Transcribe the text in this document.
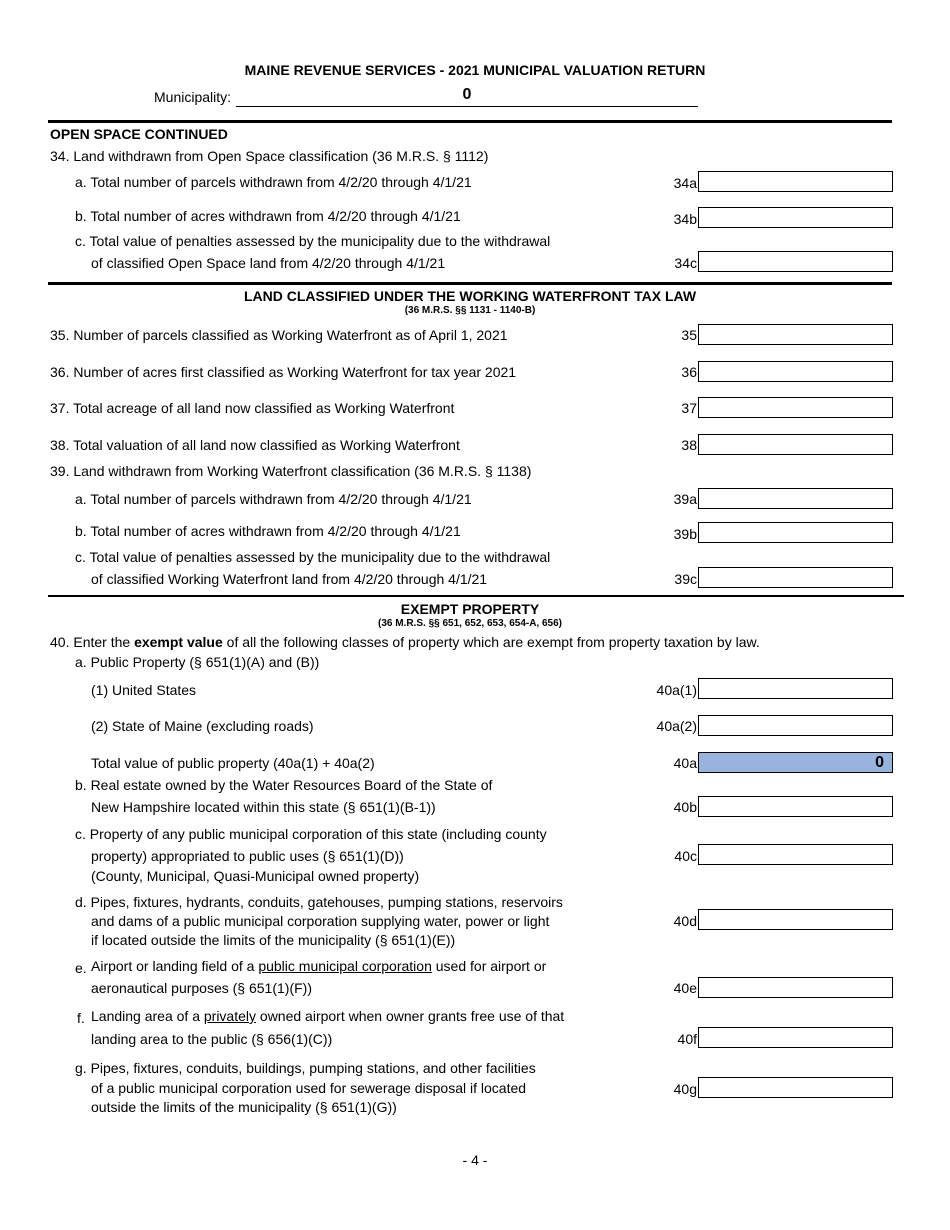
MAINE REVENUE SERVICES - 2021 MUNICIPAL VALUATION RETURN
Municipality:	0
OPEN SPACE CONTINUED
34. Land withdrawn from Open Space classification (36 M.R.S. § 1112)
a. Total number of parcels withdrawn from 4/2/20 through 4/1/21	34a
b. Total number of acres withdrawn from 4/2/20 through 4/1/21	34b
c. Total value of penalties assessed by the municipality due to the withdrawal
of classified Open Space land from 4/2/20 through 4/1/21	34c
LAND CLASSIFIED UNDER THE WORKING WATERFRONT TAX LAW
(36 M.R.S. §§ 1131 - 1140-B)
35. Number of parcels classified as Working Waterfront as of April 1, 2021	35
36. Number of acres first classified as Working Waterfront for tax year 2021	36
37. Total acreage of all land now classified as Working Waterfront	37
38. Total valuation of all land now classified as Working Waterfront	38
39. Land withdrawn from Working Waterfront classification (36 M.R.S. § 1138)
a. Total number of parcels withdrawn from 4/2/20 through 4/1/21	39a
b. Total number of acres withdrawn from 4/2/20 through 4/1/21	39b
c. Total value of penalties assessed by the municipality due to the withdrawal
of classified Working Waterfront land from 4/2/20 through 4/1/21	39c
EXEMPT PROPERTY
(36 M.R.S. §§ 651, 652, 653, 654-A, 656)
40. Enter the exempt value of all the following classes of property which are exempt from property taxation by law.
a. Public Property (§ 651(1)(A) and (B))
(1) United States	40a(1)
(2) State of Maine (excluding roads)	40a(2)
Total value of public property (40a(1) + 40a(2)	40a	0
b. Real estate owned by the Water Resources Board of the State of
New Hampshire located within this state (§ 651(1)(B-1))	40b
c. Property of any public municipal corporation of this state (including county
property) appropriated to public uses (§ 651(1)(D))
(County, Municipal, Quasi-Municipal owned property)
40c
d. Pipes, fixtures, hydrants, conduits, gatehouses, pumping stations, reservoirs
and dams of a public municipal corporation supplying water, power or light
if located outside the limits of the municipality (§ 651(1)(E))
40d
e. Airport or landing field of a public municipal corporation used for airport or
aeronautical purposes (§ 651(1)(F))	40e
f. Landing area of a privately owned airport when owner grants free use of that
landing area to the public (§ 656(1)(C))	40f
g. Pipes, fixtures, conduits, buildings, pumping stations, and other facilities
of a public municipal corporation used for sewerage disposal if located
outside the limits of the municipality (§ 651(1)(G))
40g
- 4 -
